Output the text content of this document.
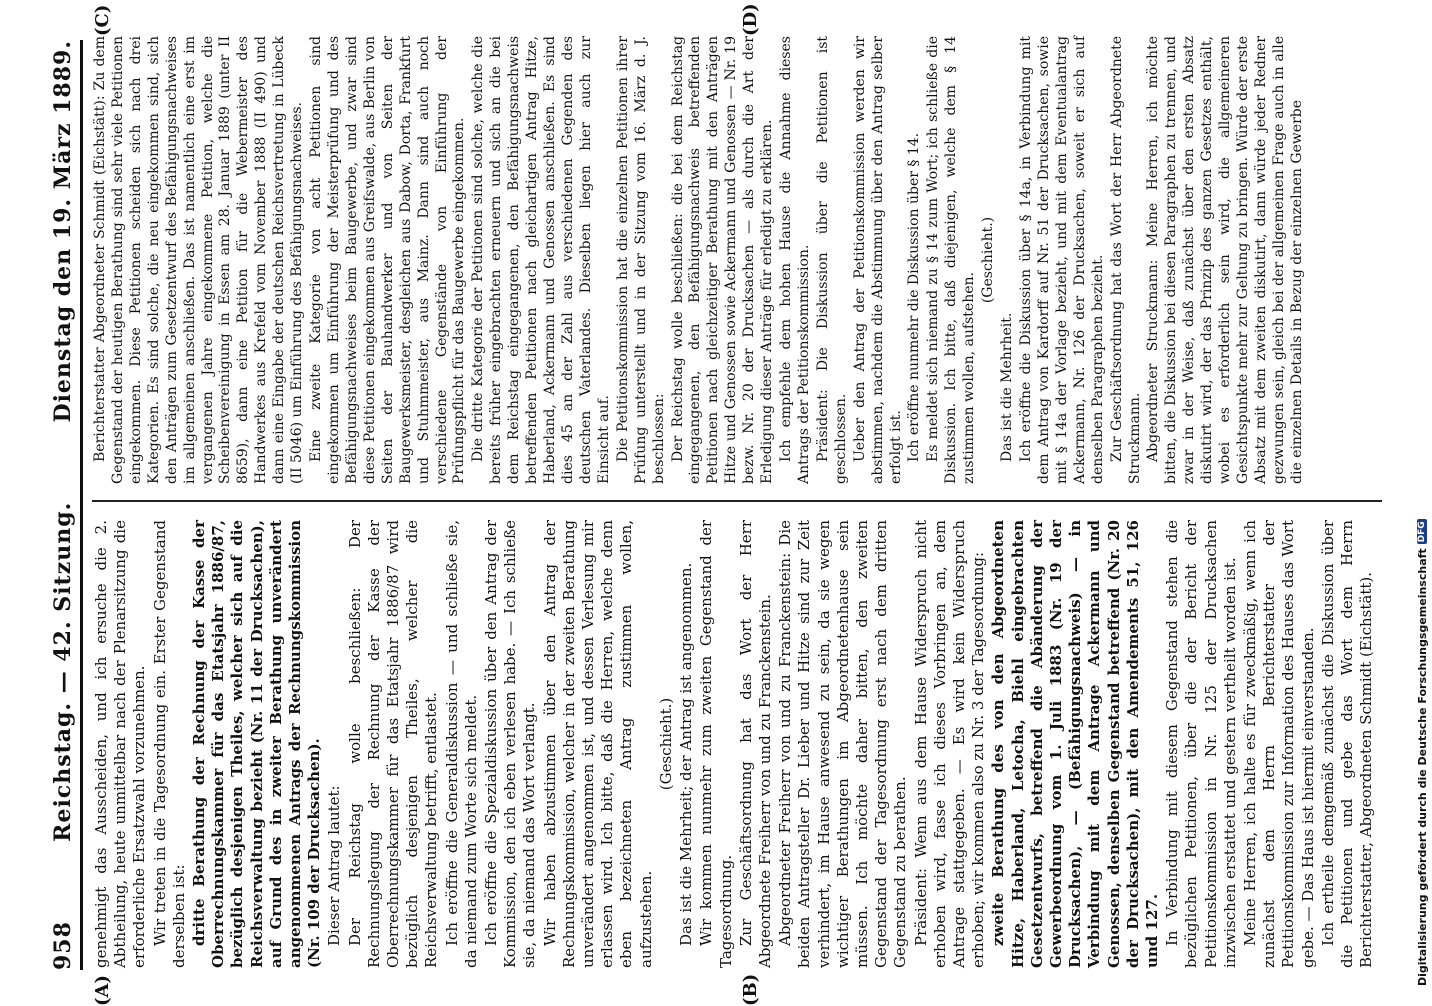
958
Reichstag. — 42. Sitzung.
Dienstag den 19. März 1889.
(A)	(B)
(C)	(D)

genehmigt das Ausscheiden, und ich ersuche die 2. Abtheilung, heute unmittelbar nach der Plenarsitzung die erforderliche Ersatzwahl vorzunehmen. Wir treten in die Tagesordnung ein. Erster Gegenstand derselben ist: dritte Berathung der Rechnung der Kasse der Oberrechnungskammer für das Etatsjahr 1886/87, bezüglich desjenigen Theiles, welcher sich auf die Reichsverwaltung bezieht (Nr. 11 der Drucksachen), auf Grund des in zweiter Berathung unverändert angenommenen Antrags der Rechnungskommission (Nr. 109 der Drucksachen). Dieser Antrag lautet: Der Reichstag wolle beschließen: Der Rechnungslegung der Rechnung der Kasse der Oberrechnungskammer für das Etatsjahr 1886/87 wird bezüglich desjenigen Theiles, welcher die Reichsverwaltung betrifft, entlastet. Ich eröffne die Generaldiskussion — und schließe sie, da niemand zum Worte sich meldet. Ich eröffne die Spezialdiskussion über den Antrag der Kommission, den ich eben verlesen habe. — Ich schließe sie, da niemand das Wort verlangt. Wir haben abzustimmen über den Antrag der Rechnungskommission, welcher in der zweiten Berathung unverändert angenommen ist, und dessen Verlesung mir erlassen wird. Ich bitte, daß die Herren, welche denn eben bezeichneten Antrag zustimmen wollen, aufzustehen.

(Geschieht.) Das ist die Mehrheit; der Antrag ist angenommen. Wir kommen nunmehr zum zweiten Gegenstand der Tagesordnung. Zur Geschäftsordnung hat das Wort der Herr Abgeordnete Freiherr von und zu Franckenstein. Abgeordneter Freiherr von und zu Franckenstein: Die beiden Antragsteller Dr. Lieber und Hitze sind zur Zeit verhindert, im Hause anwesend zu sein, da sie wegen wichtiger Berathungen im Abgeordnetenhause sein müssen. Ich möchte daher bitten, den zweiten Gegenstand der Tagesordnung erst nach dem dritten Gegenstand zu berathen. Präsident: Wenn aus dem Hause Widerspruch nicht erhoben wird, fasse ich dieses Vorbringen an, dem Antrage stattgegeben. — Es wird kein Widerspruch erhoben; wir kommen also zu Nr. 3 der Tagesordnung: zweite Berathung des von den Abgeordneten Hitze, Haberland, Letocha, Biehl eingebrachten Gesetzentwurfs, betreffend die Abänderung der Gewerbeordnung vom 1. Juli 1883 (Nr. 19 der Drucksachen), — (Befähigungsnachweis) — in Verbindung mit dem Antrage Ackermann und Genossen, denselben Gegenstand betreffend (Nr. 20 der Drucksachen), mit den Amendements 51, 126 und 127. In Verbindung mit diesem Gegenstand stehen die bezüglichen Petitionen, über die der Bericht der Petitionskommission in Nr. 125 der Drucksachen inzwischen erstattet und gestern vertheilt worden ist. Meine Herren, ich halte es für zweckmäßig, wenn ich zunächst dem Herrn Berichterstatter der Petitionskommission zur Information des Hauses das Wort gebe. — Das Haus ist hiermit einverstanden. Ich ertheile demgemäß zunächst die Diskussion über die Petitionen und gebe das Wort dem Herrn Berichterstatter, Abgeordneten Schmidt (Eichstätt).

Berichterstatter Abgeordneter Schmidt (Eichstätt): Zu dem Gegenstand der heutigen Berathung sind sehr viele Petitionen eingekommen. Diese Petitionen scheiden sich nach drei Kategorien. Es sind solche, die neu eingekommen sind, sich den Anträgen zum Gesetzentwurf des Befähigungsnachweises im allgemeinen anschließen. Das ist namentlich eine erst im vergangenen Jahre eingekommene Petition, welche die Scheibenvereinigung in Essen am 28. Januar 1889 (unter II 8659), dann eine Petition für die Webermeister des Handwerkes aus Krefeld vom November 1888 (II 490) und dann eine Eingabe der deutschen Reichsvertretung in Lübeck (II 5046) um Einführung des Befähigungsnachweises. Eine zweite Kategorie von acht Petitionen sind eingekommen um Einführung der Meisterprüfung und des Befähigungsnachweises beim Baugewerbe, und zwar sind diese Petitionen eingekommen aus Greifswalde, aus Berlin von Seiten der Bauhandwerker und von Seiten der Baugewerksmeister, desgleichen aus Dabow, Dorta, Frankfurt und Stuhmmeister, aus Mainz. Dann sind auch noch verschiedene Gegenstände von Einführung der Prüfungspflicht für das Baugewerbe eingekommen. Die dritte Kategorie der Petitionen sind solche, welche die bereits früher eingebrachten erneuern und sich an die bei dem Reichstag eingegangenen, den Befähigungsnachweis betreffenden Petitionen nach gleichartigen Antrag Hitze, Haberland, Ackermann und Genossen anschließen. Es sind dies 45 an der Zahl aus verschiedenen Gegenden des deutschen Vaterlandes. Dieselben liegen hier auch zur Einsicht auf. Die Petitionskommission hat die einzelnen Petitionen ihrer Prüfung unterstellt und in der Sitzung vom 16. März d. J. beschlossen: Der Reichstag wolle beschließen: die bei dem Reichstag eingegangenen, den Befähigungsnachweis betreffenden Petitionen nach gleichzeitiger Berathung mit den Anträgen Hitze und Genossen sowie Ackermann und Genossen — Nr. 19 bezw. Nr. 20 der Drucksachen — als durch die Art der Erledigung dieser Anträge für erledigt zu erklären. Ich empfehle dem hohen Hause die Annahme dieses Antrags der Petitionskommission. Präsident: Die Diskussion über die Petitionen ist geschlossen. Ueber den Antrag der Petitionskommission werden wir abstimmen, nachdem die Abstimmung über den Antrag selber erfolgt ist. Ich eröffne nunmehr die Diskussion über § 14. Es meldet sich niemand zu § 14 zum Wort; ich schließe die Diskussion. Ich bitte, daß diejenigen, welche dem § 14 zustimmen wollen, aufstehen.

(Geschieht.)

Das ist die Mehrheit. Ich eröffne die Diskussion über § 14a, in Verbindung mit dem Antrag von Kardorff auf Nr. 51 der Drucksachen, sowie mit § 14a der Vorlage bezieht, und mit dem Eventualantrag Ackermann, Nr. 126 der Drucksachen, soweit er sich auf denselben Paragraphen bezieht. Zur Geschäftsordnung hat das Wort der Herr Abgeordnete Struckmann. Abgeordneter Struckmann: Meine Herren, ich möchte bitten, die Diskussion bei diesen Paragraphen zu trennen, und zwar in der Weise, daß zunächst über den ersten Absatz diskutirt wird, der das Prinzip des ganzen Gesetzes enthält, wobei es erforderlich sein wird, die allgemeineren Gesichtspunkte mehr zur Geltung zu bringen. Würde der erste Absatz mit dem zweiten diskutirt, dann würde jeder Redner gezwungen sein, gleich bei der allgemeinen Frage auch in alle die einzelnen Details in Bezug der einzelnen Gewerbe

Digitalisierung gefördert durch die Deutsche Forschungsgemeinschaft
DFG
